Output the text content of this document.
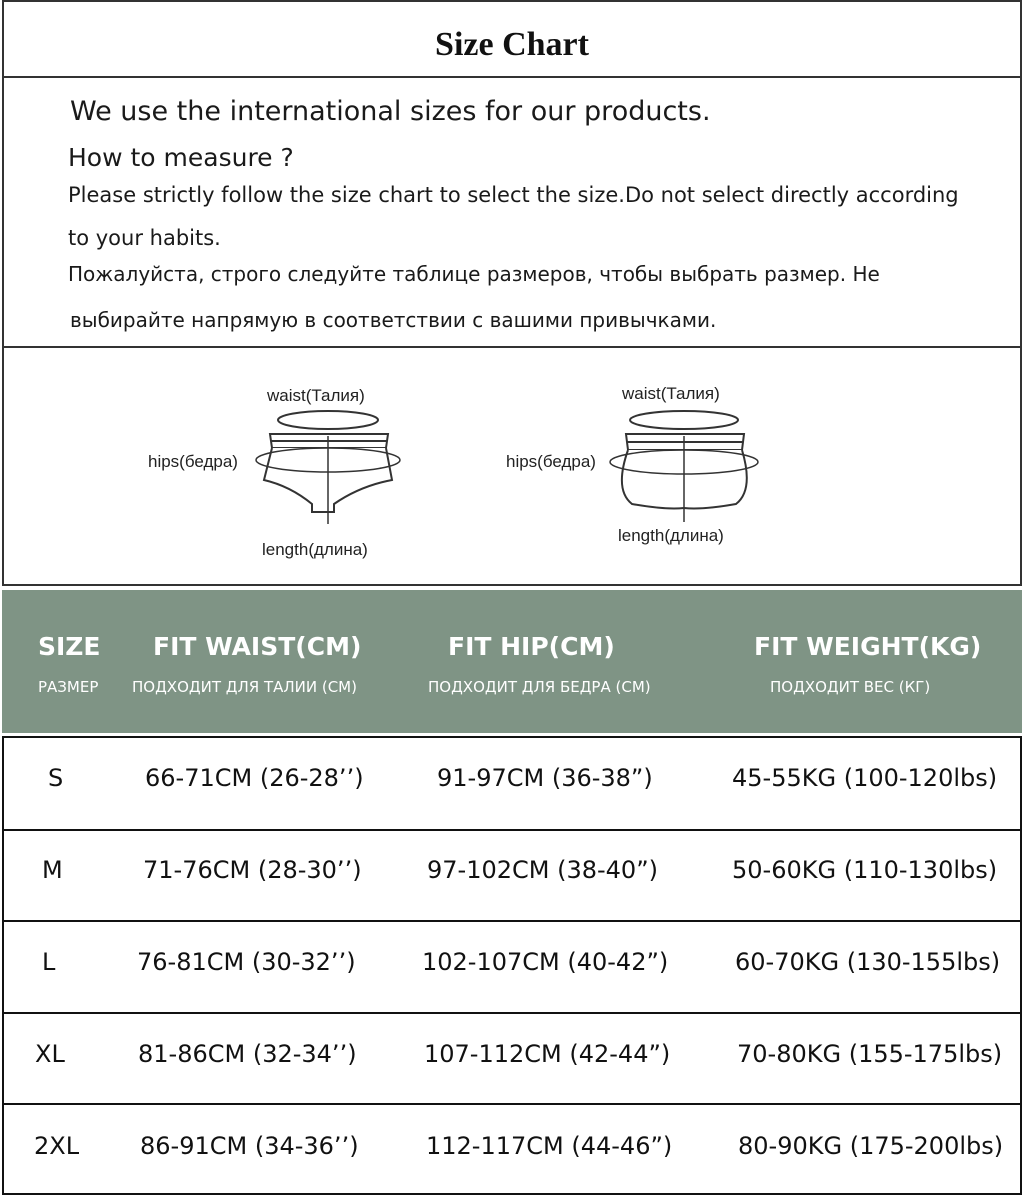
Size Chart
We use the international sizes for our products.
How to measure ?
Please strictly follow the size chart to select the size.Do not select directly according
to your habits.
Пожалуйста, строго следуйте таблице размеров, чтобы выбрать размер. Не
выбирайте напрямую в соответствии с вашими привычками.
waist(Талия)
hips(бедра)
length(длина)
waist(Талия)
hips(бедра)
length(длина)
SIZE
РАЗМЕР
FIT WAIST(CM)
ПОДХОДИТ ДЛЯ ТАЛИИ (СМ)
FIT HIP(CM)
ПОДХОДИТ ДЛЯ БЕДРА (СМ)
FIT WEIGHT(KG)
ПОДХОДИТ ВЕС (КГ)
S	66-71CM (26-28’’)	91-97CM (36-38”)	45-55KG (100-120lbs)
M	71-76CM (28-30’’)	97-102CM (38-40”)	50-60KG (110-130lbs)
L	76-81CM (30-32’’)	102-107CM (40-42”)	60-70KG (130-155lbs)
XL	81-86CM (32-34’’)	107-112CM (42-44”)	70-80KG (155-175lbs)
2XL	86-91CM (34-36’’)	112-117CM (44-46”)	80-90KG (175-200lbs)
